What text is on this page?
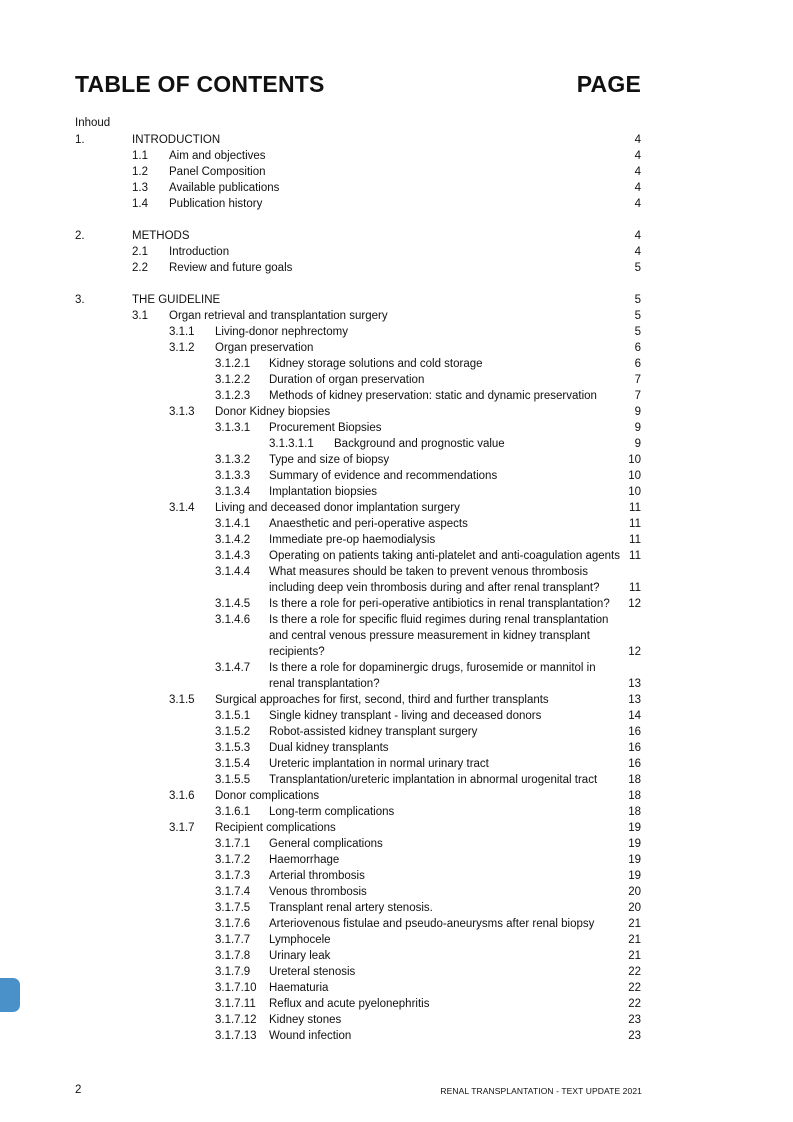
TABLE OF CONTENTS	PAGE
Inhoud
1.	INTRODUCTION	4
1.1 Aim and objectives	4
1.2 Panel Composition	4
1.3 Available publications	4
1.4 Publication history	4
2.	METHODS	4
2.1 Introduction	4
2.2 Review and future goals	5
3.	THE GUIDELINE	5
3.1 Organ retrieval and transplantation surgery	5
3.1.1 Living-donor nephrectomy	5
3.1.2 Organ preservation	6
3.1.2.1 Kidney storage solutions and cold storage	6
3.1.2.2 Duration of organ preservation	7
3.1.2.3 Methods of kidney preservation: static and dynamic preservation	7
3.1.3 Donor Kidney biopsies	9
3.1.3.1 Procurement Biopsies	9
3.1.3.1.1 Background and prognostic value	9
3.1.3.2 Type and size of biopsy	10
3.1.3.3 Summary of evidence and recommendations	10
3.1.3.4 Implantation biopsies	10
3.1.4 Living and deceased donor implantation surgery	11
3.1.4.1 Anaesthetic and peri-operative aspects	11
3.1.4.2 Immediate pre-op haemodialysis	11
3.1.4.3 Operating on patients taking anti-platelet and anti-coagulation agents 11
3.1.4.4 What measures should be taken to prevent venous thrombosis
including deep vein thrombosis during and after renal transplant?	11
3.1.4.5 Is there a role for peri-operative antibiotics in renal transplantation?	12
3.1.4.6 Is there a role for specific fluid regimes during renal transplantation
and central venous pressure measurement in kidney transplant
recipients?	12
3.1.4.7 Is there a role for dopaminergic drugs, furosemide or mannitol in
renal transplantation?	13
3.1.5 Surgical approaches for first, second, third and further transplants	13
3.1.5.1 Single kidney transplant - living and deceased donors	14
3.1.5.2 Robot-assisted kidney transplant surgery	16
3.1.5.3 Dual kidney transplants	16
3.1.5.4 Ureteric implantation in normal urinary tract	16
3.1.5.5 Transplantation/ureteric implantation in abnormal urogenital tract	18
3.1.6 Donor complications	18
3.1.6.1 Long-term complications	18
3.1.7 Recipient complications	19
3.1.7.1 General complications	19
3.1.7.2 Haemorrhage	19
3.1.7.3 Arterial thrombosis	19
3.1.7.4 Venous thrombosis	20
3.1.7.5 Transplant renal artery stenosis.	20
3.1.7.6 Arteriovenous fistulae and pseudo-aneurysms after renal biopsy	21
3.1.7.7 Lymphocele	21
3.1.7.8 Urinary leak	21
3.1.7.9 Ureteral stenosis	22
3.1.7.10 Haematuria	22
3.1.7.11 Reflux and acute pyelonephritis	22
3.1.7.12 Kidney stones	23
3.1.7.13 Wound infection	23
2	RENAL TRANSPLANTATION - TEXT UPDATE 2021
